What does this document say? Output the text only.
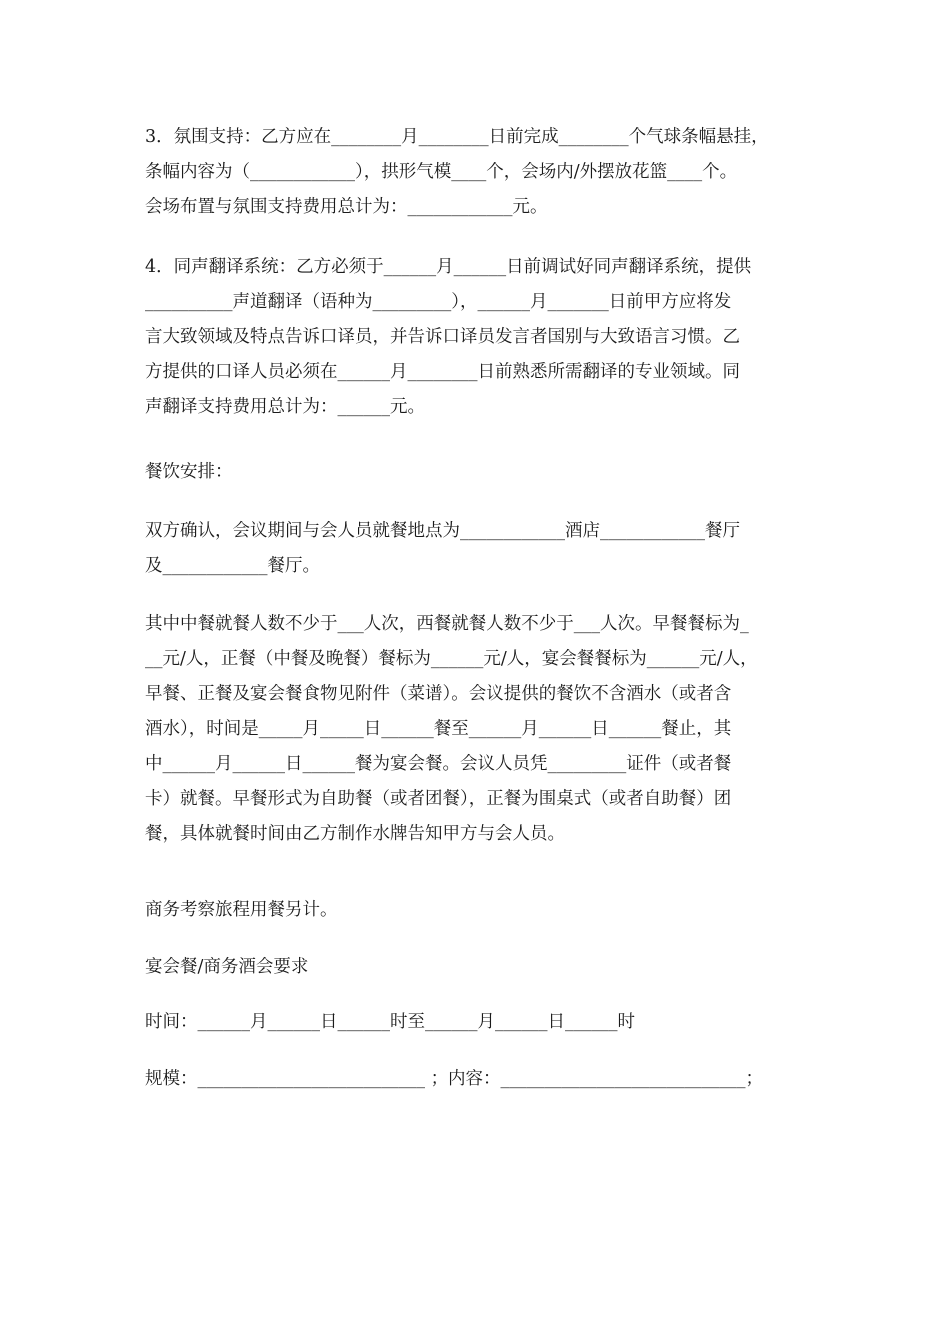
3．氛围支持：乙方应在________月________日前完成________个气球条幅悬挂，
条幅内容为（____________），拱形气模____个，会场内/外摆放花篮____个。
会场布置与氛围支持费用总计为：____________元。
4．同声翻译系统：乙方必须于______月______日前调试好同声翻译系统，提供
__________声道翻译（语种为_________），______月_______日前甲方应将发
言大致领域及特点告诉口译员，并告诉口译员发言者国别与大致语言习惯。乙
方提供的口译人员必须在______月________日前熟悉所需翻译的专业领域。同
声翻译支持费用总计为：______元。
餐饮安排：
双方确认，会议期间与会人员就餐地点为____________酒店____________餐厅
及____________餐厅。
其中中餐就餐人数不少于___人次，西餐就餐人数不少于___人次。早餐餐标为_
__元/人，正餐（中餐及晚餐）餐标为______元/人，宴会餐餐标为______元/人，
早餐、正餐及宴会餐食物见附件（菜谱）。会议提供的餐饮不含酒水（或者含
酒水），时间是_____月_____日______餐至______月______日______餐止，其
中______月______日______餐为宴会餐。会议人员凭_________证件（或者餐
卡）就餐。早餐形式为自助餐（或者团餐），正餐为围桌式（或者自助餐）团
餐，具体就餐时间由乙方制作水牌告知甲方与会人员。
商务考察旅程用餐另计。
宴会餐/商务酒会要求
时间：______月______日______时至______月______日______时
规模：__________________________ ；内容：____________________________；
